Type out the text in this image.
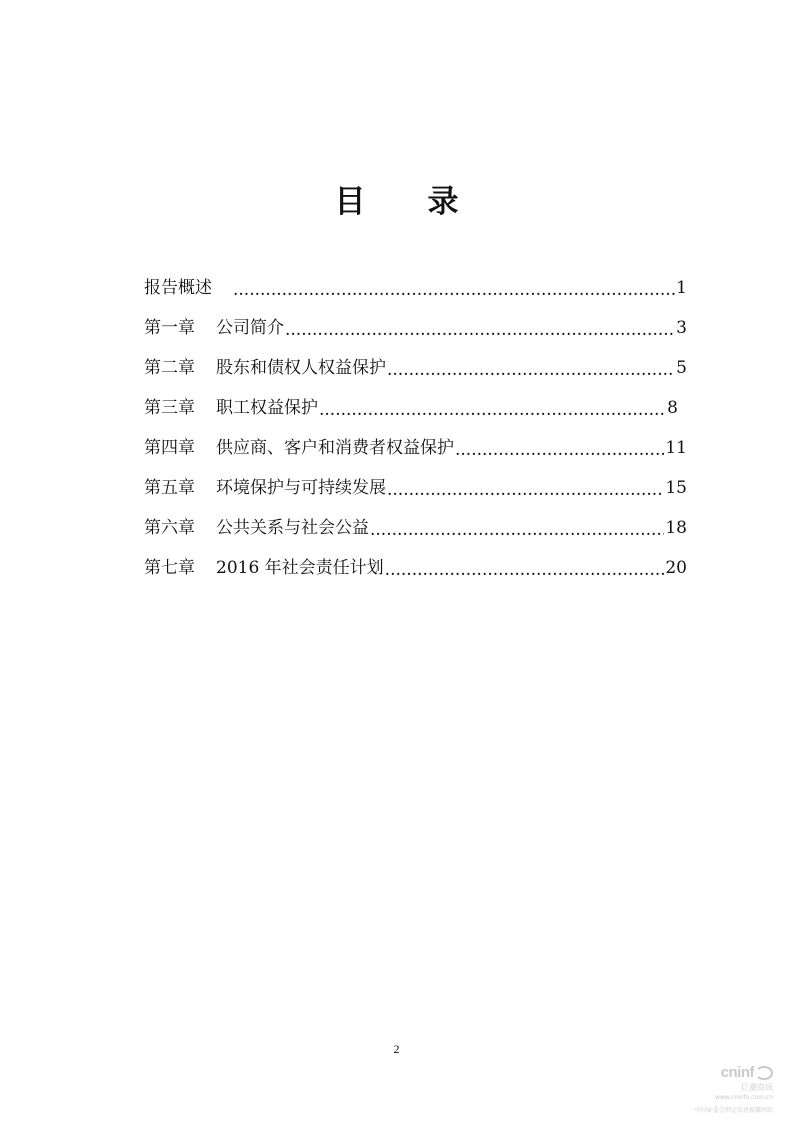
目 录
报告概述 .....	1
第一章	公司简介 .....	3
第二章	股东和债权人权益保护 .....	5
第三章	职工权益保护 .....	8
第四章	供应商、客户和消费者权益保护 .....	11
第五章	环境保护与可持续发展 .....	15
第六章	公共关系与社会公益 .....	18
第七章	2016 年社会责任计划 .....	20
2
cninf
巨潮资讯
www.cninfo.com.cn
中国证监会指定信息披露网站
